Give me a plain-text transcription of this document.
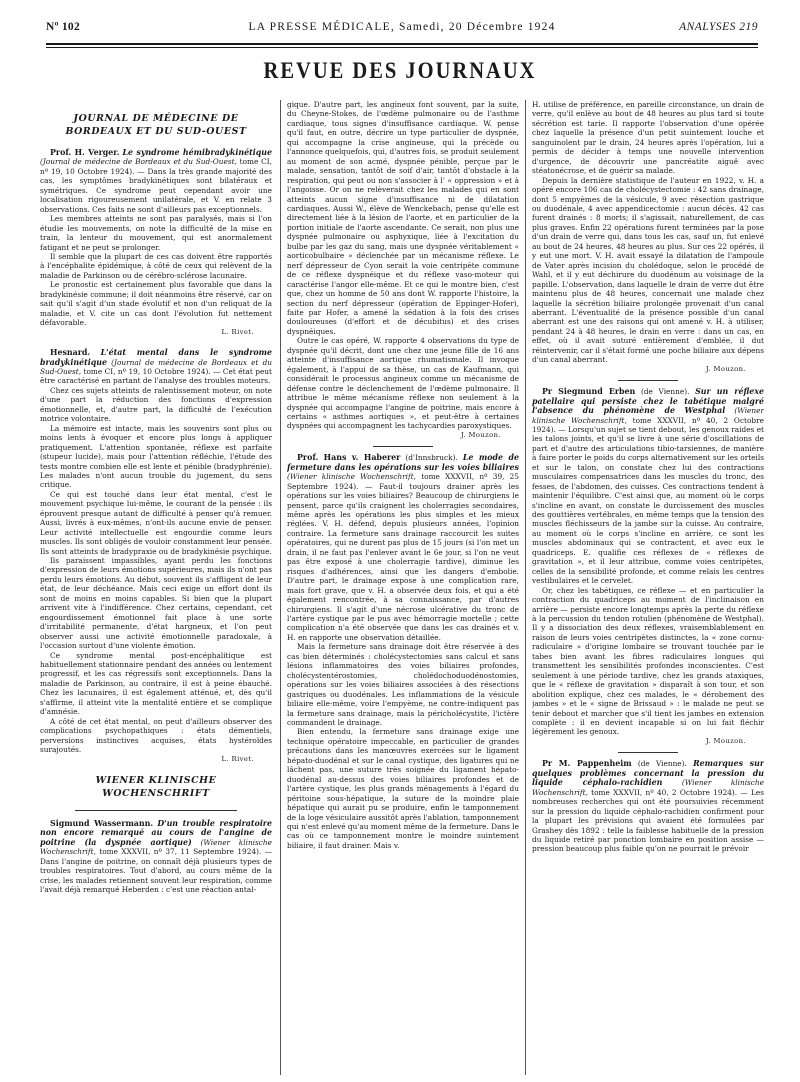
Nº 102	LA PRESSE MÉDICALE, Samedi, 20 Décembre 1924	ANALYSES 219
REVUE DES JOURNAUX
JOURNAL DE MÉDECINE DE BORDEAUX ET DU SUD-OUEST

Prof. H. Verger. Le syndrome hémibradykinétique (Journal de médecine de Bordeaux et du Sud-Ouest, tome CI, nº 19, 10 Octobre 1924). — Dans la très grande majorité des cas, les symptômes bradykinétiques sont bilatéraux et symétriques. Ce syndrome peut cependant avoir une localisation rigoureusement unilatérale, et V. en relate 3 observations. Ces faits ne sont d'ailleurs pas exceptionnels.

Les membres atteints ne sont pas paralysés, mais si l'on étudie les mouvements, on note la difficulté de la mise en train, la lenteur du mouvement, qui est anormalement fatigant et ne peut se prolonger.

Il semble que la plupart de ces cas doivent être rapportés à l'encéphalite épidémique, à côté de ceux qui relèvent de la maladie de Parkinson ou de cérébro-sclérose lacunaire.

Le pronostic est certainement plus favorable que dans la bradykinésie commune; il doit néanmoins être réservé, car on sait qu'il s'agit d'un stade évolutif et non d'un reliquat de la maladie, et V. cite un cas dont l'évolution fut nettement défavorable.

L. Rivet.

Hesnard. L'état mental dans le syndrome bradykinétique (Journal de médecine de Bordeaux et du Sud-Ouest, tome CI, nº 19, 10 Octobre 1924). — Cet état peut être caractérisé en partant de l'analyse des troubles moteurs.

Chez ces sujets atteints de ralentissement moteur, on note d'une part la réduction des fonctions d'expression émotionnelle, et, d'autre part, la difficulté de l'exécution motrice volontaire.

La mémoire est intacte, mais les souvenirs sont plus ou moins lents à évoquer et encore plus longs à appliquer pratiquement. L'attention spontanée, réflexe est parfaite (stupeur lucide), mais pour l'attention réfléchie, l'étude des tests montre combien elle est lente et pénible (bradyphrénie). Les malades n'ont aucun trouble du jugement, du sens critique.

Ce qui est touché dans leur état mental, c'est le mouvement psychique lui-même, le courant de la pensée : ils éprouvent presque autant de difficulté à penser qu'à remuer. Aussi, livrés à eux-mêmes, n'ont-ils aucune envie de penser. Leur activité intellectuelle est engourdie comme leurs muscles. Ils sont obligés de vouloir constamment leur pensée. Ils sont atteints de bradypraxie ou de bradykinésie psychique.

Ils paraissent impassibles, ayant perdu les fonctions d'expression de leurs émotions supérieures, mais ils n'ont pas perdu leurs émotions. Au début, souvent ils s'affligent de leur état, de leur déchéance. Mais ceci exige un effort dont ils sont de moins en moins capables. Si bien que la plupart arrivent vite à l'indifférence. Chez certains, cependant, cet engourdissement émotionnel fait place à une sorte d'irritabilité permanente, d'état hargneux, et l'on peut observer aussi une activité émotionnelle paradoxale, à l'occasion surtout d'une violente émotion.

Ce syndrome mental post-encéphalitique est habituellement stationnaire pendant des années ou lentement progressif, et les cas régressifs sont exceptionnels. Dans la maladie de Parkinson, au contraire, il est à peine ébauché. Chez les lacunaires, il est également atténué, et, dès qu'il s'affirme, il atteint vite la mentalité entière et se complique d'amnésie.

A côté de cet état mental, on peut d'ailleurs observer des complications psychopathiques : états démentiels, perversions instinctives acquises, états hystéroïdes surajoutés.

L. Rivet.

WIENER KLINISCHE WOCHENSCHRIFT

Sigmund Wassermann. D'un trouble respiratoire non encore remarqué au cours de l'angine de poitrine (la dyspnée aortique) (Wiener klinische Wochenschrift, tome XXXVII, nº 37, 11 Septembre 1924). — Dans l'angine de poitrine, on connaît déjà plusieurs types de troubles respiratoires. Tout d'abord, au cours même de la crise, les malades retiennent souvent leur respiration, comme l'avait déjà remarqué Heberden : c'est une réaction antal-

gique. D'autre part, les angineux font souvent, par la suite, du Cheyne-Stokes, de l'œdème pulmonaire ou de l'asthme cardiaque, tous signes d'insuffisance cardiaque. W. pense qu'il faut, en outre, décrire un type particulier de dyspnée, qui accompagne la crise angineuse, qui la précède ou l'annonce quelquefois, qui, d'autres fois, se produit seulement au moment de son acmé, dyspnée pénible, perçue par le malade, sensation, tantôt de soif d'air, tantôt d'obstacle à la respiration, qui peut ou non s'associer à l' « oppression » et à l'angoisse. Or on ne relèverait chez les malades qui en sont atteints aucun signe d'insuffisance ni de dilatation cardiaques. Aussi W., élève de Wenckebach, pense qu'elle est directement liée à la lésion de l'aorte, et en particulier de la portion initiale de l'aorte ascendante. Ce serait, non plus une dyspnée pulmonaire ou asphyxique, liée à l'excitation du bulbe par les gaz du sang, mais une dyspnée véritablement « aorticobulbaire » déclenchée par un mécanisme réflexe. Le nerf dépresseur de Cyon serait la voie centripète commune de ce réflexe dyspnéique et du réflexe vaso-moteur qui caractérise l'angor elle-même. Et ce qui le montre bien, c'est que, chez un homme de 50 ans dont W. rapporte l'histoire, la section du nerf dépresseur (opération de Eppinger-Hofer), faite par Hofer, a amené la sédation à la fois des crises douloureuses (d'effort et de décubitus) et des crises dyspnéiques.

Outre le cas opéré, W. rapporte 4 observations du type de dyspnée qu'il décrit, dont une chez une jeune fille de 16 ans atteinte d'insuffisance aortique rhumatismale. Il invoque également, à l'appui de sa thèse, un cas de Kaufmann, qui considérait le processus angineux comme un mécanisme de défense contre le déclenchement de l'œdème pulmonaire. Il attribue le même mécanisme réflexe non seulement à la dyspnée qui accompagne l'angine de poitrine, mais encore à certains « asthmes aortiques », et peut-être à certaines dyspnées qui accompagnent les tachycardies paroxystiques.

J. Mouzon.

Prof. Hans v. Haberer (d'Innsbruck). Le mode de fermeture dans les opérations sur les voies biliaires (Wiener klinische Wochenschrift, tome XXXVII, nº 39, 25 Septembre 1924). — Faut-il toujours drainer après les opérations sur les voies biliaires? Beaucoup de chirurgiens le pensent, parce qu'ils craignent les cholerragies secondaires, même après les opérations les plus simples et les mieux réglées. V. H. défend, depuis plusieurs années, l'opinion contraire. La fermeture sans drainage raccourcit les suites opératoires, qui ne durent pas plus de 15 jours (si l'on met un drain, il ne faut pas l'enlever avant le 6e jour, si l'on ne veut pas être exposé à une cholerragie tardive), diminue les risques d'adhérences, ainsi que les dangers d'embolie. D'autre part, le drainage expose à une complication rare, mais fort grave, que v. H. a observée deux fois, et qui a été également rencontrée, à sa connaissance, par d'autres chirurgiens. Il s'agit d'une nécrose ulcérative du tronc de l'artère cystique par le pus avec hémorragie mortelle ; cette complication n'a été observée que dans les cas drainés et v. H. en rapporte une observation détaillée.

Mais la fermeture sans drainage doit être réservée à des cas bien déterminés : cholécystectomies sans calcul et sans lésions inflammatoires des voies biliaires profondes, cholécystentérostomies, cholédochoduodénostomies, opérations sur les voies biliaires associées à des résections gastriques ou duodénales. Les inflammations de la vésicule biliaire elle-même, voire l'empyème, ne contre-indiquent pas la fermeture sans drainage, mais la péricholécystite, l'ictère commandent le drainage.

Bien entendu, la fermeture sans drainage exige une technique opératoire impeccable, en particulier de grandes précautions dans les manœuvres exercées sur le ligament hépato-duodénal et sur le canal cystique, des ligatures qui ne lâchent pas, une suture très soignée du ligament hépato-duodénal au-dessus des voies biliaires profondes et de l'artère cystique, les plus grands ménagements à l'égard du péritoine sous-hépatique, la suture de la moindre plaie hépatique qui aurait pu se produire, enfin le tamponnement de la loge vésiculaire aussitôt après l'ablation, tamponnement qui n'est enlevé qu'au moment même de la fermeture. Dans le cas où ce tamponnement montre le moindre suintement biliaire, il faut drainer. Mais v.

H. utilise de préférence, en pareille circonstance, un drain de verre, qu'il enlève au bout de 48 heures au plus tard si toute sécrétion est tarie. Il rapporte l'observation d'une opérée chez laquelle la présence d'un petit suintement louche et sanguinolent par le drain, 24 heures après l'opération, lui a permis de décider à temps une nouvelle intervention d'urgence, de découvrir une pancréatite aiguë avec stéatonécrose, et de guérir sa malade.

Depuis la dernière statistique de l'auteur en 1922, v. H. a opéré encore 106 cas de cholécystectomie : 42 sans drainage, dont 5 empyèmes de la vésicule, 9 avec résection gastrique ou duodénale, 4 avec appendicectomie : aucun décès. 42 cas furent drainés : 8 morts; il s'agissait, naturellement, de cas plus graves. Enfin 22 opérations furent terminées par la pose d'un drain de verre qui, dans tous les cas, sauf un, fut enlevé au bout de 24 heures, 48 heures au plus. Sur ces 22 opérés, il y eut une mort. V. H. avait essayé la dilatation de l'ampoule de Vater après incision du cholédoque, selon le procédé de Wahl, et il y eut déchirure du duodénum au voisinage de la papille. L'observation, dans laquelle le drain de verre dut être maintenu plus de 48 heures, concernait une malade chez laquelle la sécrétion biliaire prolongée provenait d'un canal aberrant. L'éventualité de la présence possible d'un canal aberrant est une des raisons qui ont amené v. H. à utiliser, pendant 24 à 48 heures, le drain en verre : dans un cas, en effet, où il avait suturé entièrement d'emblée, il dut réintervenir, car il s'était formé une poche biliaire aux dépens d'un canal aberrant.

J. Mouzon.

Pr Siegmund Erben (de Vienne). Sur un réflexe patellaire qui persiste chez le tabétique malgré l'absence du phénomène de Westphal (Wiener klinische Wochenschrift, tome XXXVII, nº 40, 2 Octobre 1924). — Lorsqu'un sujet se tient debout, les genoux raides et les talons joints, et qu'il se livre à une série d'oscillations de part et d'autre des articulations tibio-tarsiennes, de manière à faire porter le poids du corps alternativement sur les orteils et sur le talon, on constate chez lui des contractions musculaires compensatrices dans les muscles du tronc, des fesses, de l'abdomen, des cuisses. Ces contractions tendent à maintenir l'équilibre. C'est ainsi que, au moment où le corps s'incline en avant, on constate le durcissement des muscles des gouttières vertébrales, en même temps que la tension des muscles fléchisseurs de la jambe sur la cuisse. Au contraire, au moment où le corps s'incline en arrière, ce sont les muscles abdominaux qui se contractent, et avec eux le quadriceps. E. qualifie ces réflexes de « réflexes de gravitation », et il leur attribue, comme voies centripètes, celles de la sensibilité profonde, et comme relais les centres vestibulaires et le cervelet.

Or, chez les tabétiques, ce réflexe — et en particulier la contraction du quadriceps au moment de l'inclinaison en arrière — persiste encore longtemps après la perte du réflexe à la percussion du tendon rotulien (phénomène de Westphal). Il y a dissociation des deux réflexes, vraisemblablement en raison de leurs voies centripètes distinctes, la « zone cornu-radiculaire » d'origine lombaire se trouvant touchée par le tabes bien avant les fibres radiculaires longues qui transmettent les sensibilités profondes inconscientes. C'est seulement à une période tardive, chez les grands ataxiques, que le « réflexe de gravitation » disparaît à son tour, et son abolition explique, chez ces malades, le « dérobement des jambes » et le « signe de Brissaud » : le malade ne peut se tenir debout et marcher que s'il tient les jambes en extension complète : il en devient incapable si on lui fait fléchir légèrement les genoux.

J. Mouzon.

Pr M. Pappenheim (de Vienne). Remarques sur quelques problèmes concernant la pression du liquide céphalo-rachidien	(Wiener klinische Wochenschrift, tome XXXVII, nº 40, 2 Octobre 1924). — Les nombreuses recherches qui ont été poursuivies récemment sur la pression du liquide céphalo-rachidien confirment pour la plupart les prévisions qui avaient été formulées par Grashey dès 1892 : telle la faiblesse habituelle de la pression du liquide retiré par ponction lombaire en position assise — pression beaucoup plus faible qu'on ne pourrait le prévoir
